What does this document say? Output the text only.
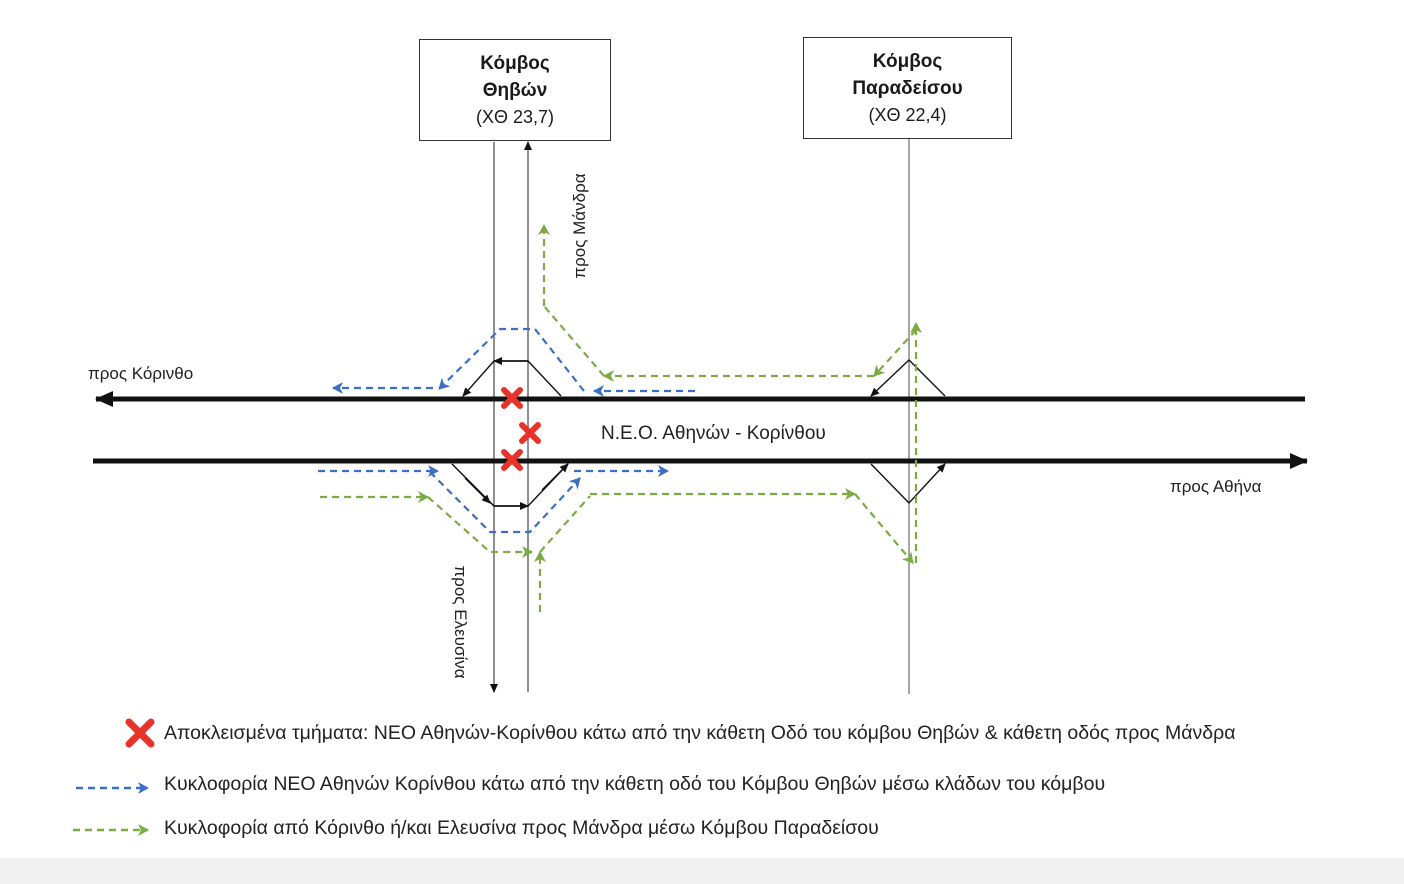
Κόμβος
Θηβών
(ΧΘ 23,7)
Κόμβος
Παραδείσου
(ΧΘ 22,4)
προς Κόρινθο
προς Αθήνα
Ν.Ε.Ο. Αθηνών - Κορίνθου
προς Μάνδρα
προς Ελευσίνα
Αποκλεισμένα τμήματα: ΝΕΟ Αθηνών-Κορίνθου κάτω από την κάθετη Οδό του κόμβου Θηβών & κάθετη οδός προς Μάνδρα
Κυκλοφορία ΝΕΟ Αθηνών Κορίνθου κάτω από την κάθετη οδό του Κόμβου Θηβών μέσω κλάδων του κόμβου
Κυκλοφορία από Κόρινθο ή/και Ελευσίνα προς Μάνδρα μέσω Κόμβου Παραδείσου
